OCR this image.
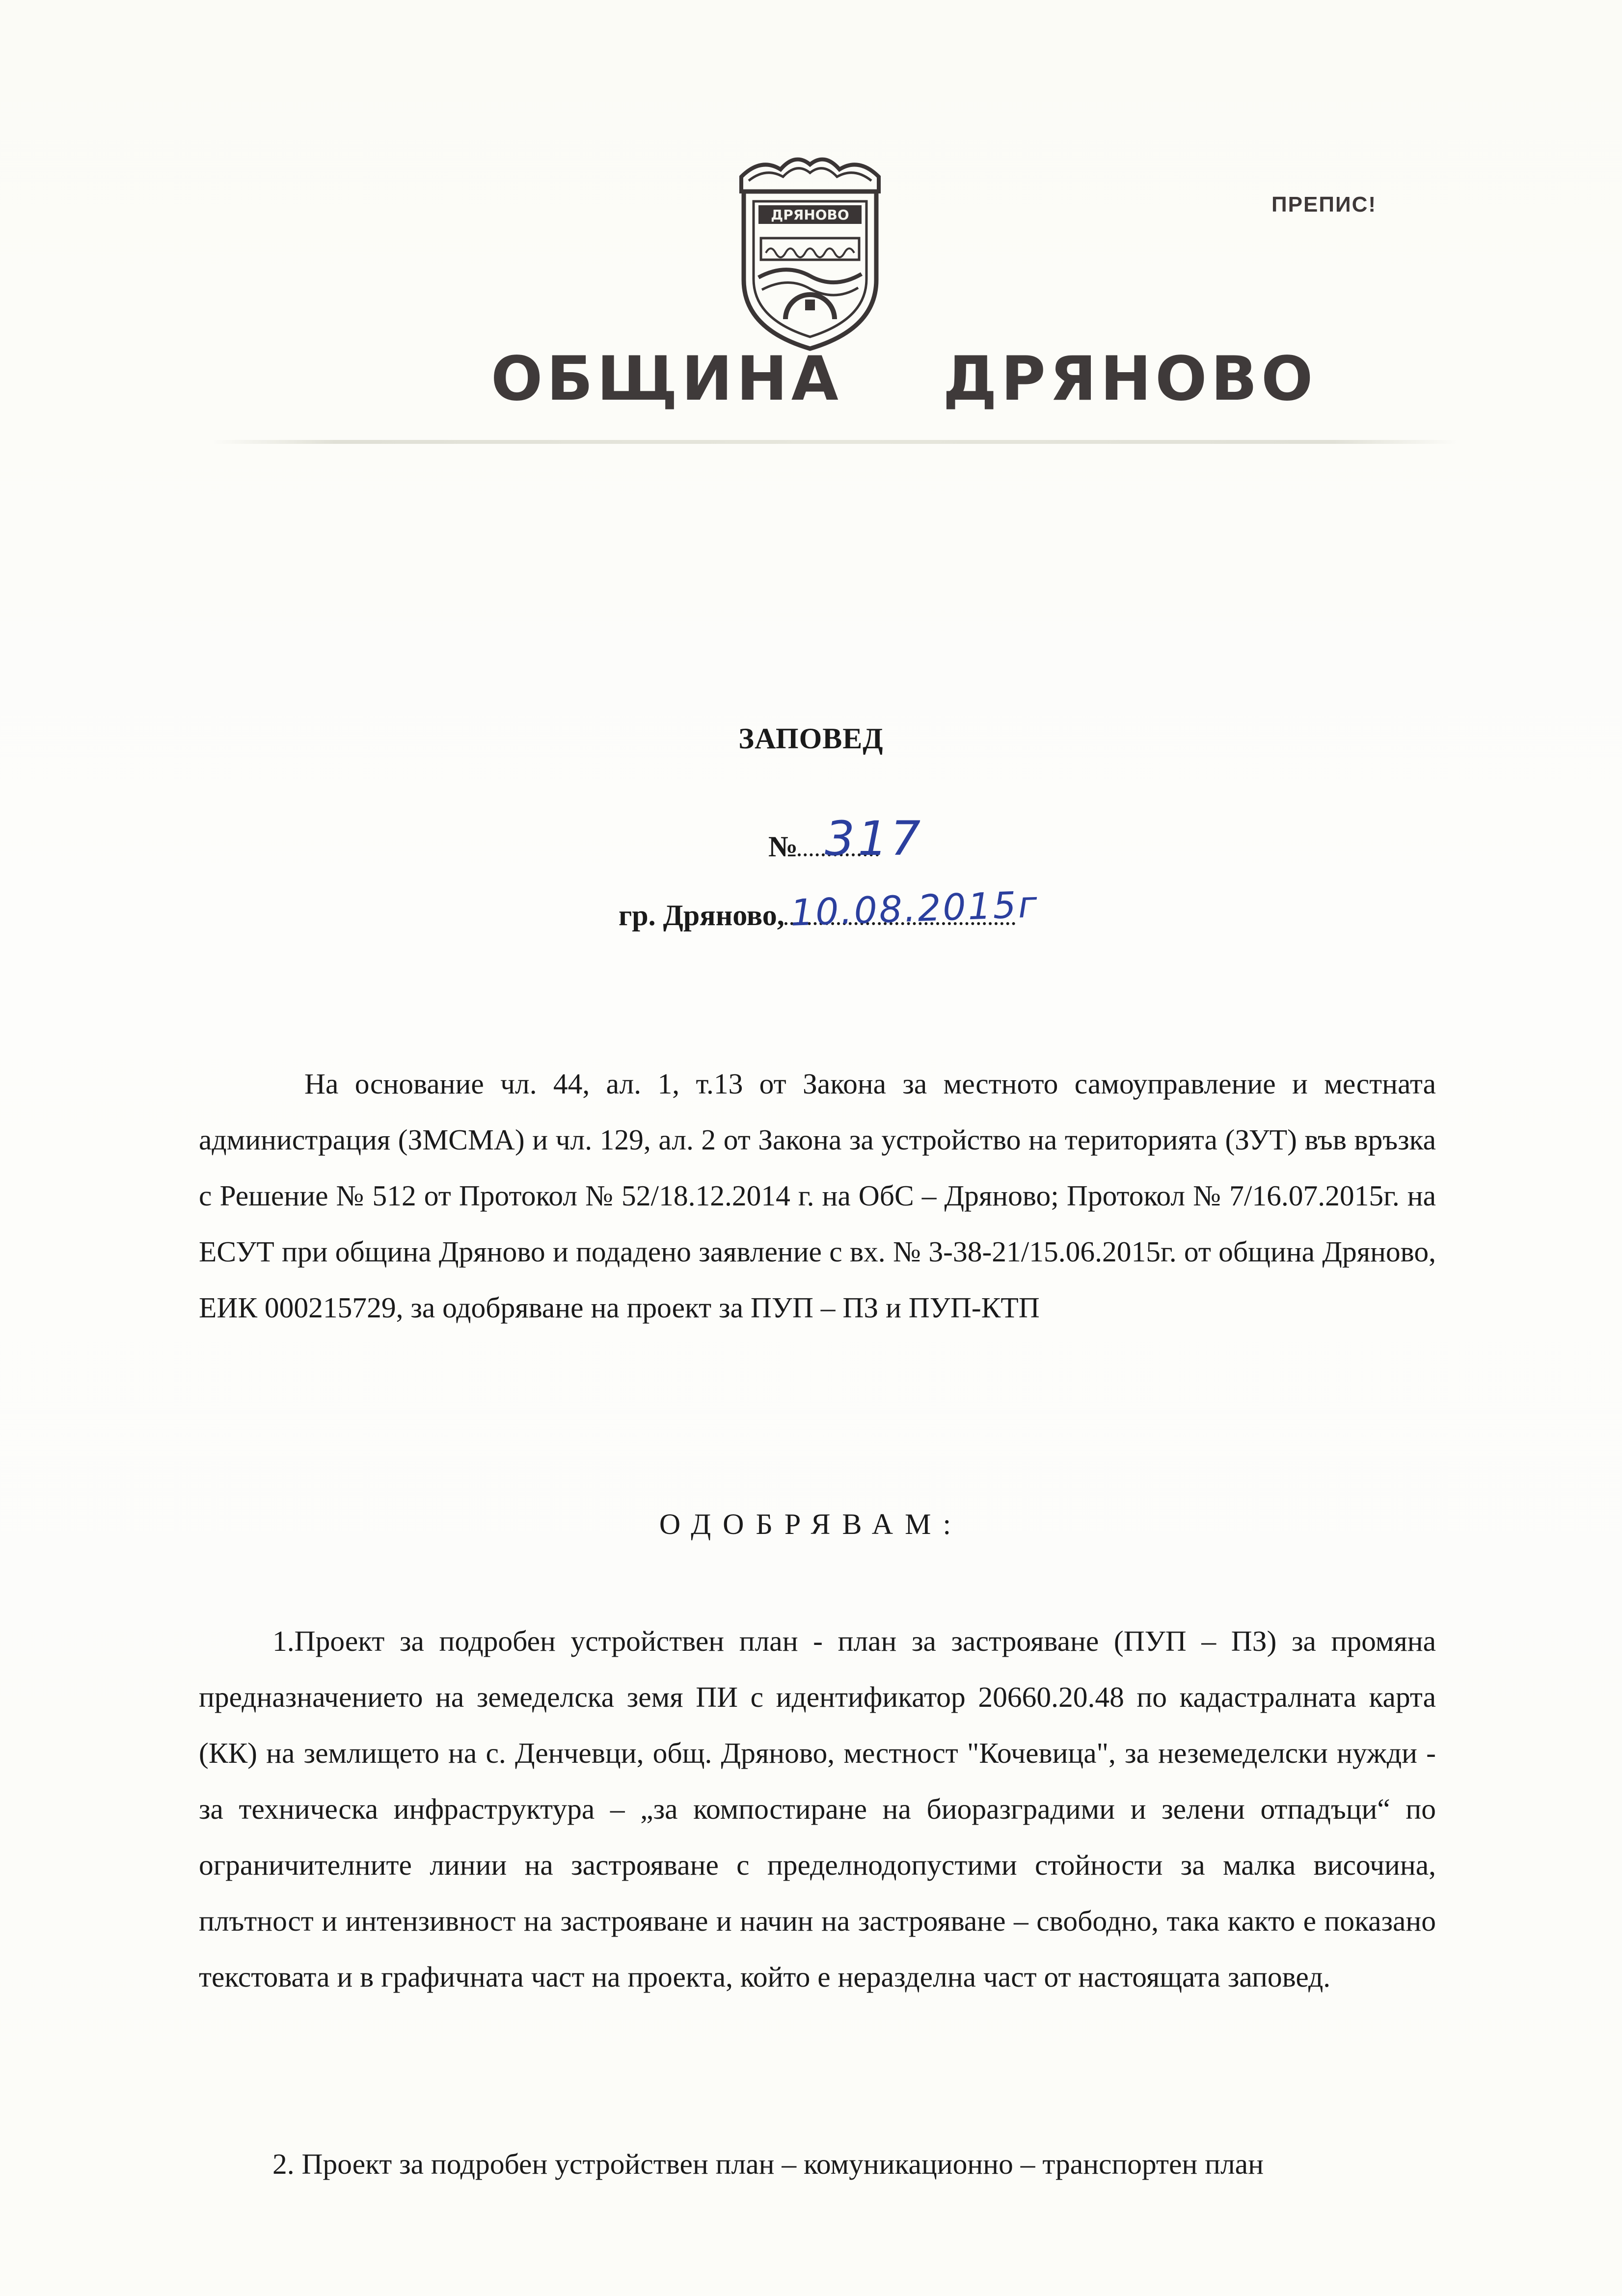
ДРЯНОВО	ПРЕПИС!
ОБЩИНА    ДРЯНОВО
ЗАПОВЕД
№ 317
гр. Дряново, 10.08.2015г

На основание чл. 44, ал. 1, т.13 от Закона за местното самоуправление и местната администрация (ЗМСМА) и чл. 129, ал. 2 от Закона за устройство на територията (ЗУТ) във връзка с Решение № 512 от Протокол № 52/18.12.2014 г. на ОбС – Дряново; Протокол № 7/16.07.2015г. на ЕСУТ при община Дряново и подадено заявление с вх. № 3-38-21/15.06.2015г. от община Дряново, ЕИК 000215729, за одобряване на проект за ПУП – ПЗ и ПУП-КТП

ОДОБРЯВАМ:

1.Проект за подробен устройствен план - план за застрояване (ПУП – ПЗ) за промяна предназначението на земеделска земя ПИ с идентификатор 20660.20.48 по кадастралната карта (КК) на землището на с. Денчевци, общ. Дряново, местност "Кочевица", за неземеделски нужди - за техническа инфраструктура – „за компостиране на биоразградими и зелени отпадъци“ по ограничителните линии на застрояване с пределнодопустими стойности за малка височина, плътност и интензивност на застрояване и начин на застрояване – свободно, така както е показано текстовата и в графичната част на проекта, който е неразделна част от настоящата заповед.

2. Проект за подробен устройствен план – комуникационно – транспортен план
